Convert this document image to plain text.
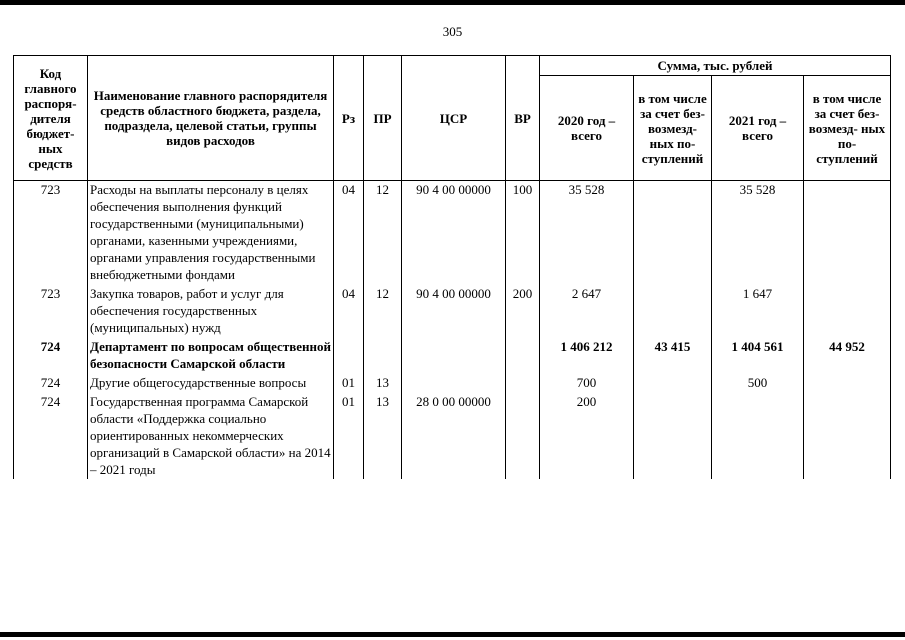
305
Код главного распоря- дителя бюджет- ных средств	Наименование главного распорядителя средств областного бюджета, раздела, подраздела, целевой статьи, группы видов расходов	Рз	ПР	ЦСР	ВР	Сумма, тыс. рублей			
						2020 год – всего	в том числе за счет без- возмезд- ных по- ступлений	2021 год – всего	в том числе за счет без- возмезд- ных по- ступлений
723	Расходы на выплаты персоналу в целях обеспечения выполнения функций государственными (муниципальными) органами, казенными учреждениями, органами управления государственными внебюджетными фондами	04	12	90 4 00 00000	100	35 528		35 528	
723	Закупка товаров, работ и услуг для обеспечения государственных (муниципальных) нужд	04	12	90 4 00 00000	200	2 647		1 647	
724	Департамент по вопросам общественной безопасности Самарской области					1 406 212	43 415	1 404 561	44 952
724	Другие общегосударственные вопросы	01	13			700		500	
724	Государственная программа Самарской области «Поддержка социально ориентированных некоммерческих организаций в Самарской области» на 2014 – 2021 годы	01	13	28 0 00 00000		200			
